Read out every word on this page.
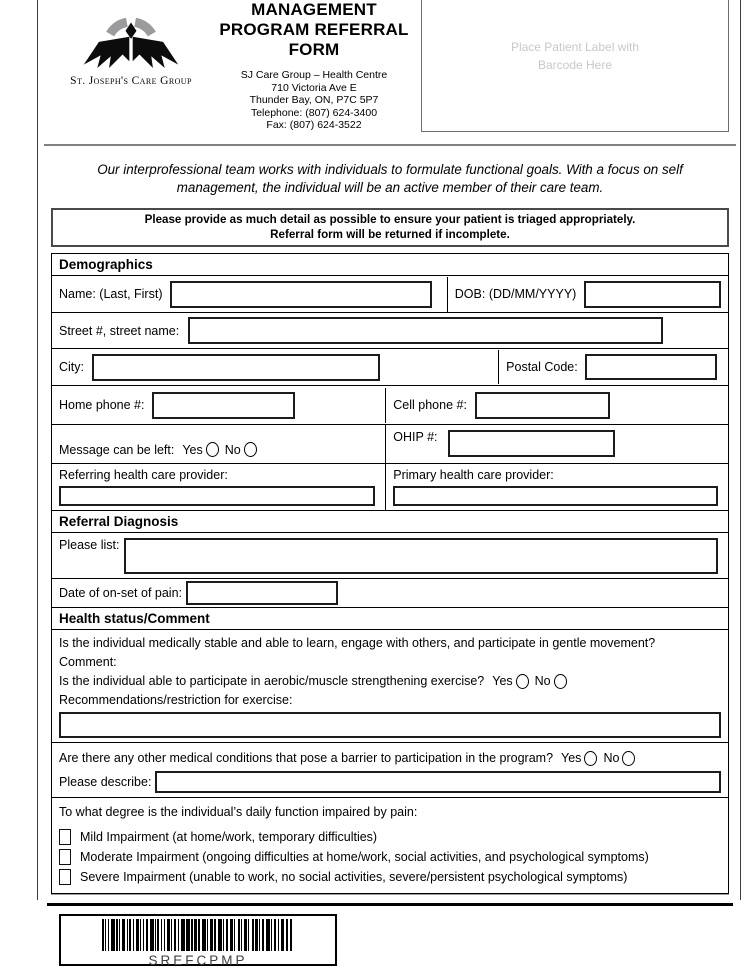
St. Joseph's Care Group
MANAGEMENT
PROGRAM REFERRAL
FORM
SJ Care Group – Health Centre
710 Victoria Ave E
Thunder Bay, ON, P7C 5P7
Telephone: (807) 624-3400
Fax: (807) 624-3522
Place Patient Label with
Barcode Here

Our interprofessional team works with individuals to formulate functional goals. With a focus on self management, the individual will be an active member of their care team.

Please provide as much detail as possible to ensure your patient is triaged appropriately.
Referral form will be returned if incomplete.
Demographics
Name: (Last, First)	DOB: (DD/MM/YYYY)
Street #, street name:
City:	Postal Code:
Home phone #:	Cell phone #:
Message can be left: Yes No
OHIP #:
Referring health care provider:	Primary health care provider:
Referral Diagnosis
Please list:
Date of on-set of pain:
Health status/Comment
Is the individual medically stable and able to learn, engage with others, and participate in gentle movement?
Comment:
Is the individual able to participate in aerobic/muscle strengthening exercise? Yes No
Recommendations/restriction for exercise:
Are there any other medical conditions that pose a barrier to participation in the program? Yes No
Please describe:
To what degree is the individual’s daily function impaired by pain:
Mild Impairment (at home/work, temporary difficulties)
Moderate Impairment (ongoing difficulties at home/work, social activities, and psychological symptoms)
Severe Impairment (unable to work, no social activities, severe/persistent psychological symptoms)
SREFCPMP
